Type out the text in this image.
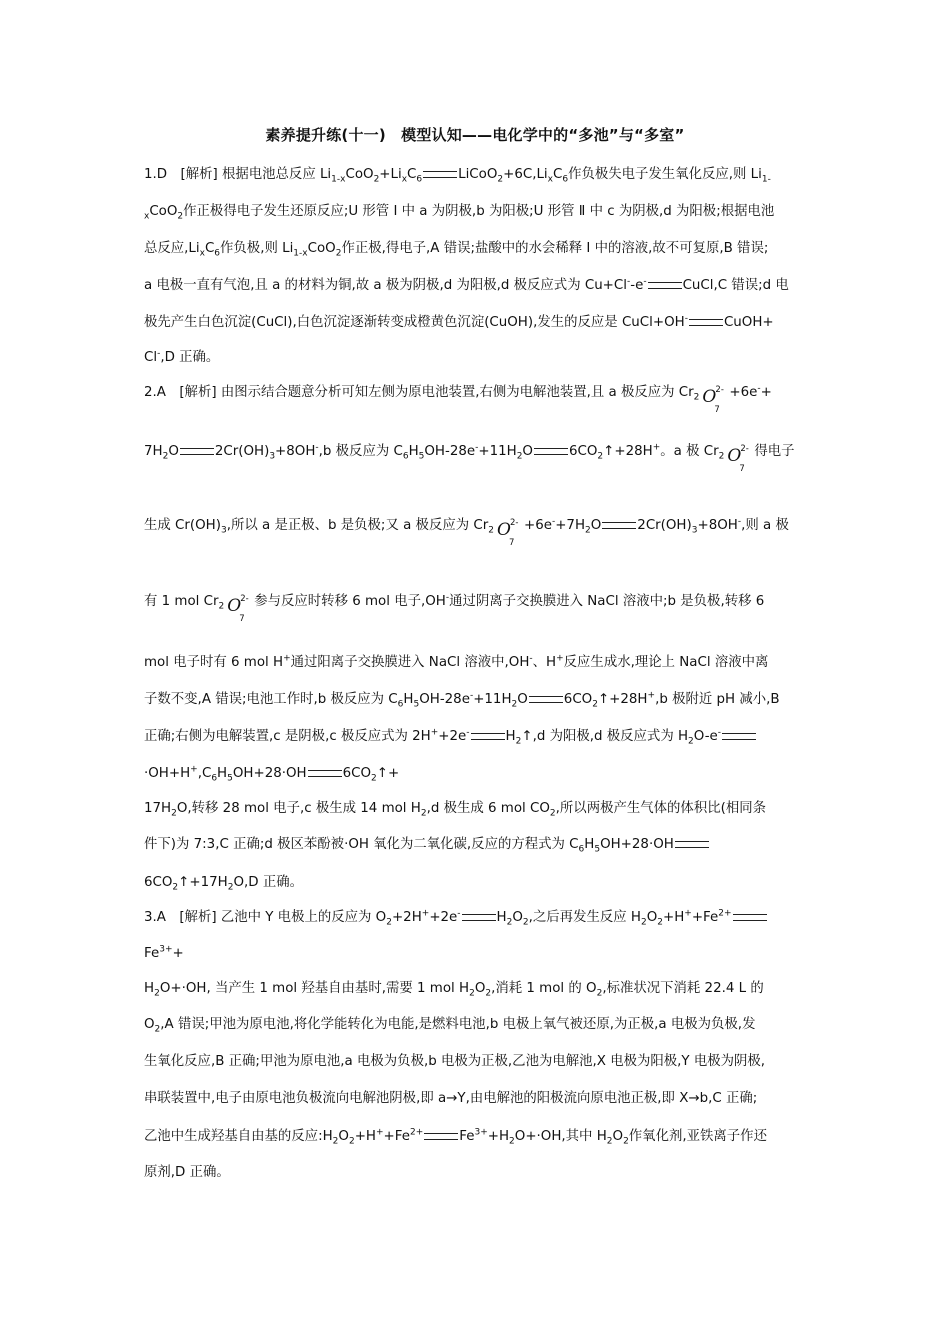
素养提升练(十一)　模型认知——电化学中的“多池”与“多室”
1.D　[解析] 根据电池总反应 $Li_{1-x}CoO_2+Li_xC_6$	$LiCoO_2+6C,Li_xC_6$作负极失电子发生氧化反应,则 $Li_{1-}$
$_x$CoO$_2$作正极得电子发生还原反应;U 形管 Ⅰ 中 a 为阴极,b 为阳极;U 形管 Ⅱ 中 c 为阴极,d 为阳极;根据电池
总反应$,Li_xC_6$作负极,则 $Li_{1-x}CoO_2$作正极,得电子,A 错误;盐酸中的水会稀释 Ⅰ 中的溶液,故不可复原,B 错误;
a 电极一直有气泡,且 a 的材料为铜,故 a 极为阴极,d 为阳极,d 极反应式为 Cu+Cl--e-	CuCl,C 错误;d 电
极先产生白色沉淀(CuCl),白色沉淀逐渐转变成橙黄色沉淀(CuOH),发生的反应是 CuCl+OH-	CuOH+
Cl-,D 正确。
2.A　[解析] 由图示结合题意分析可知左侧为原电池装置,右侧为电解池装置,且 a 极反应为 $Cr_2$ O 2-
7
+6e-+
$7H_2O$	$2Cr(OH)_3+8OH^-,b$ 极反应为 $C_6H_5OH-28e^-+11H_2O$	$6CO_2↑+28H^+$。a 极 $Cr_2$ O 2-
7
得电子
生成 $Cr(OH)_3$,所以 a 是正极、b 是负极;又 a 极反应为 $Cr_2$ O 2-
7
$+6e^-+7H_2O$	$2Cr(OH)_3+8OH^-$,则 a 极
有 1 mol $Cr_2$ O 2-
7
参与反应时转移 6 mol 电子,OH-通过阴离子交换膜进入 NaCl 溶液中;b 是负极,转移 6
mol 电子时有 6 mol H+通过阳离子交换膜进入 NaCl 溶液中,OH-、H+反应生成水,理论上 NaCl 溶液中离
子数不变,A 错误;电池工作时,b 极反应为 $C_6H_5OH-28e^-+11H_2O$	$6CO_2↑+28H^+,b$ 极附近 pH 减小,B
正确;右侧为电解装置,c 是阴极,c 极反应式为 2H++2e-	$H_2↑,d$ 为阳极,d 极反应式为 $H_2O-e^-$
$\cdot OH+H^+,C_6H_5OH+28\cdot OH$	$6CO_2↑+$
$17H_2O$,转移 28 mol 电子,c 极生成 14 mol $H_2,d$ 极生成 6 mol $CO_2$,所以两极产生气体的体积比(相同条
件下)为 7:3,C 正确;d 极区苯酚被·OH 氧化为二氧化碳,反应的方程式为 $C_6H_5OH+28\cdot OH$
$6CO_2↑+17H_2O,D$ 正确。
3.A　[解析] 乙池中 Y 电极上的反应为 $O_2+2H^++2e^-$	$H_2O_2$,之后再发生反应 $H_2O_2+H^++Fe^{2+}$
$Fe^{3+}+$
$H_2O+\cdot OH$, 当产生 1 mol 羟基自由基时,需要 1 mol $H_2O_2$,消耗 1 mol 的 $O_2$,标准状况下消耗 22.4 L 的
$O_2,A$ 错误;甲池为原电池,将化学能转化为电能,是燃料电池,b 电极上氧气被还原,为正极,a 电极为负极,发
生氧化反应,B 正确;甲池为原电池,a 电极为负极,b 电极为正极,乙池为电解池,X 电极为阳极,Y 电极为阴极,
串联装置中,电子由原电池负极流向电解池阴极,即 a→Y,由电解池的阳极流向原电池正极,即 X→b,C 正确;
乙池中生成羟基自由基的反应$:H_2O_2+H^++Fe^{2+}$	$Fe^{3+}+H_2O+\cdot OH$,其中 $H_2O_2$作氧化剂,亚铁离子作还
原剂,D 正确。
